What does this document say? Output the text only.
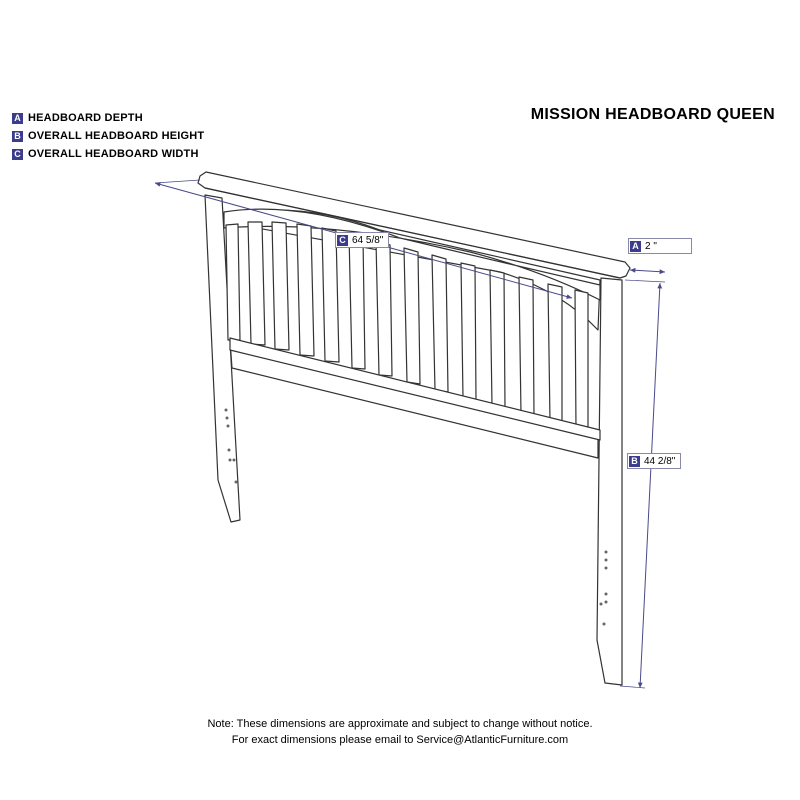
A HEADBOARD DEPTH
B OVERALL HEADBOARD HEIGHT
C OVERALL HEADBOARD WIDTH
MISSION HEADBOARD QUEEN
C 64 5/8"	A 2 "
B 44 2/8"
Note: These dimensions are approximate and subject to change without notice.
For exact dimensions please email to Service@AtlanticFurniture.com
